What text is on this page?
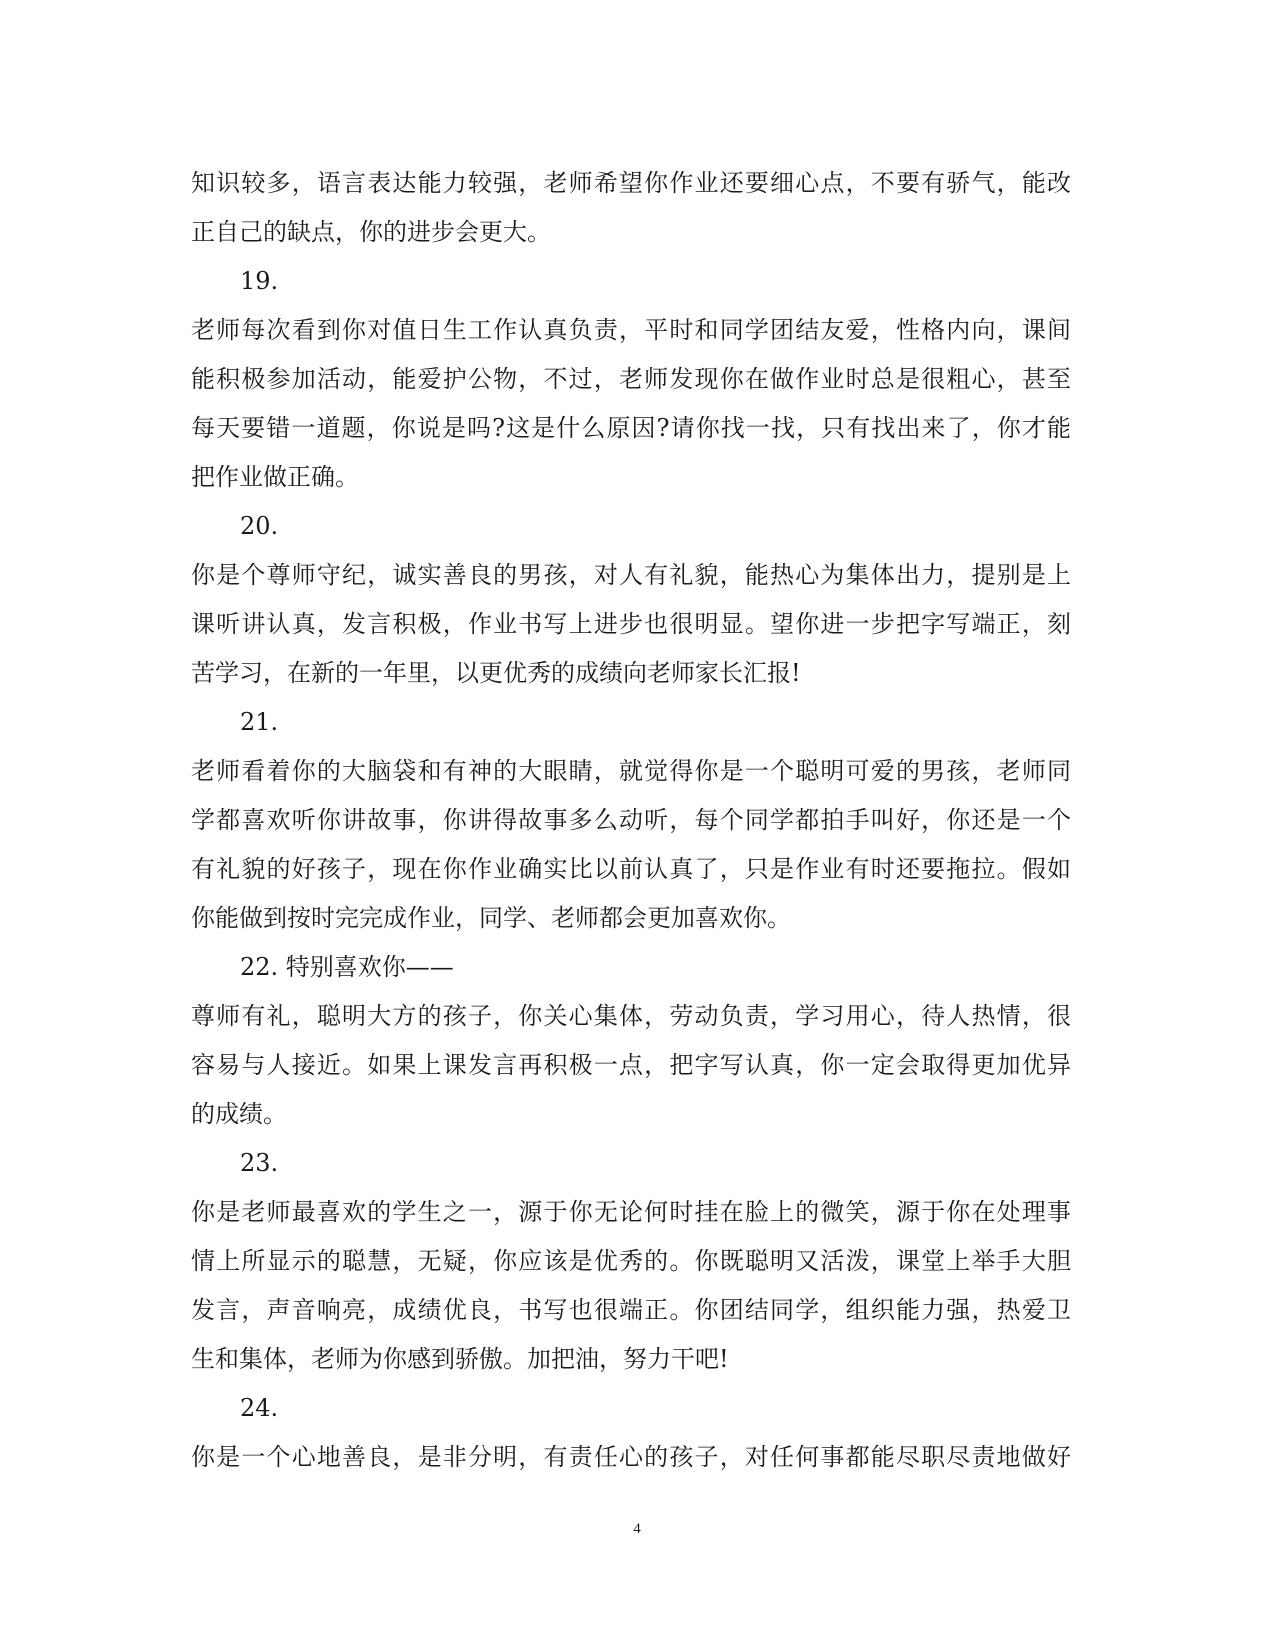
知识较多，语言表达能力较强，老师希望你作业还要细心点，不要有骄气，能改
正自己的缺点，你的进步会更大。
19.
老师每次看到你对值日生工作认真负责，平时和同学团结友爱，性格内向，课间
能积极参加活动，能爱护公物，不过，老师发现你在做作业时总是很粗心，甚至
每天要错一道题，你说是吗?这是什么原因?请你找一找，只有找出来了，你才能
把作业做正确。
20.
你是个尊师守纪，诚实善良的男孩，对人有礼貌，能热心为集体出力，提别是上
课听讲认真，发言积极，作业书写上进步也很明显。望你进一步把字写端正，刻
苦学习，在新的一年里，以更优秀的成绩向老师家长汇报!
21.
老师看着你的大脑袋和有神的大眼睛，就觉得你是一个聪明可爱的男孩，老师同
学都喜欢听你讲故事，你讲得故事多么动听，每个同学都拍手叫好，你还是一个
有礼貌的好孩子，现在你作业确实比以前认真了，只是作业有时还要拖拉。假如
你能做到按时完完成作业，同学、老师都会更加喜欢你。
22. 特别喜欢你——
尊师有礼，聪明大方的孩子，你关心集体，劳动负责，学习用心，待人热情，很
容易与人接近。如果上课发言再积极一点，把字写认真，你一定会取得更加优异
的成绩。
23.
你是老师最喜欢的学生之一，源于你无论何时挂在脸上的微笑，源于你在处理事
情上所显示的聪慧，无疑，你应该是优秀的。你既聪明又活泼，课堂上举手大胆
发言，声音响亮，成绩优良，书写也很端正。你团结同学，组织能力强，热爱卫
生和集体，老师为你感到骄傲。加把油，努力干吧!
24.
你是一个心地善良，是非分明，有责任心的孩子，对任何事都能尽职尽责地做好
4
